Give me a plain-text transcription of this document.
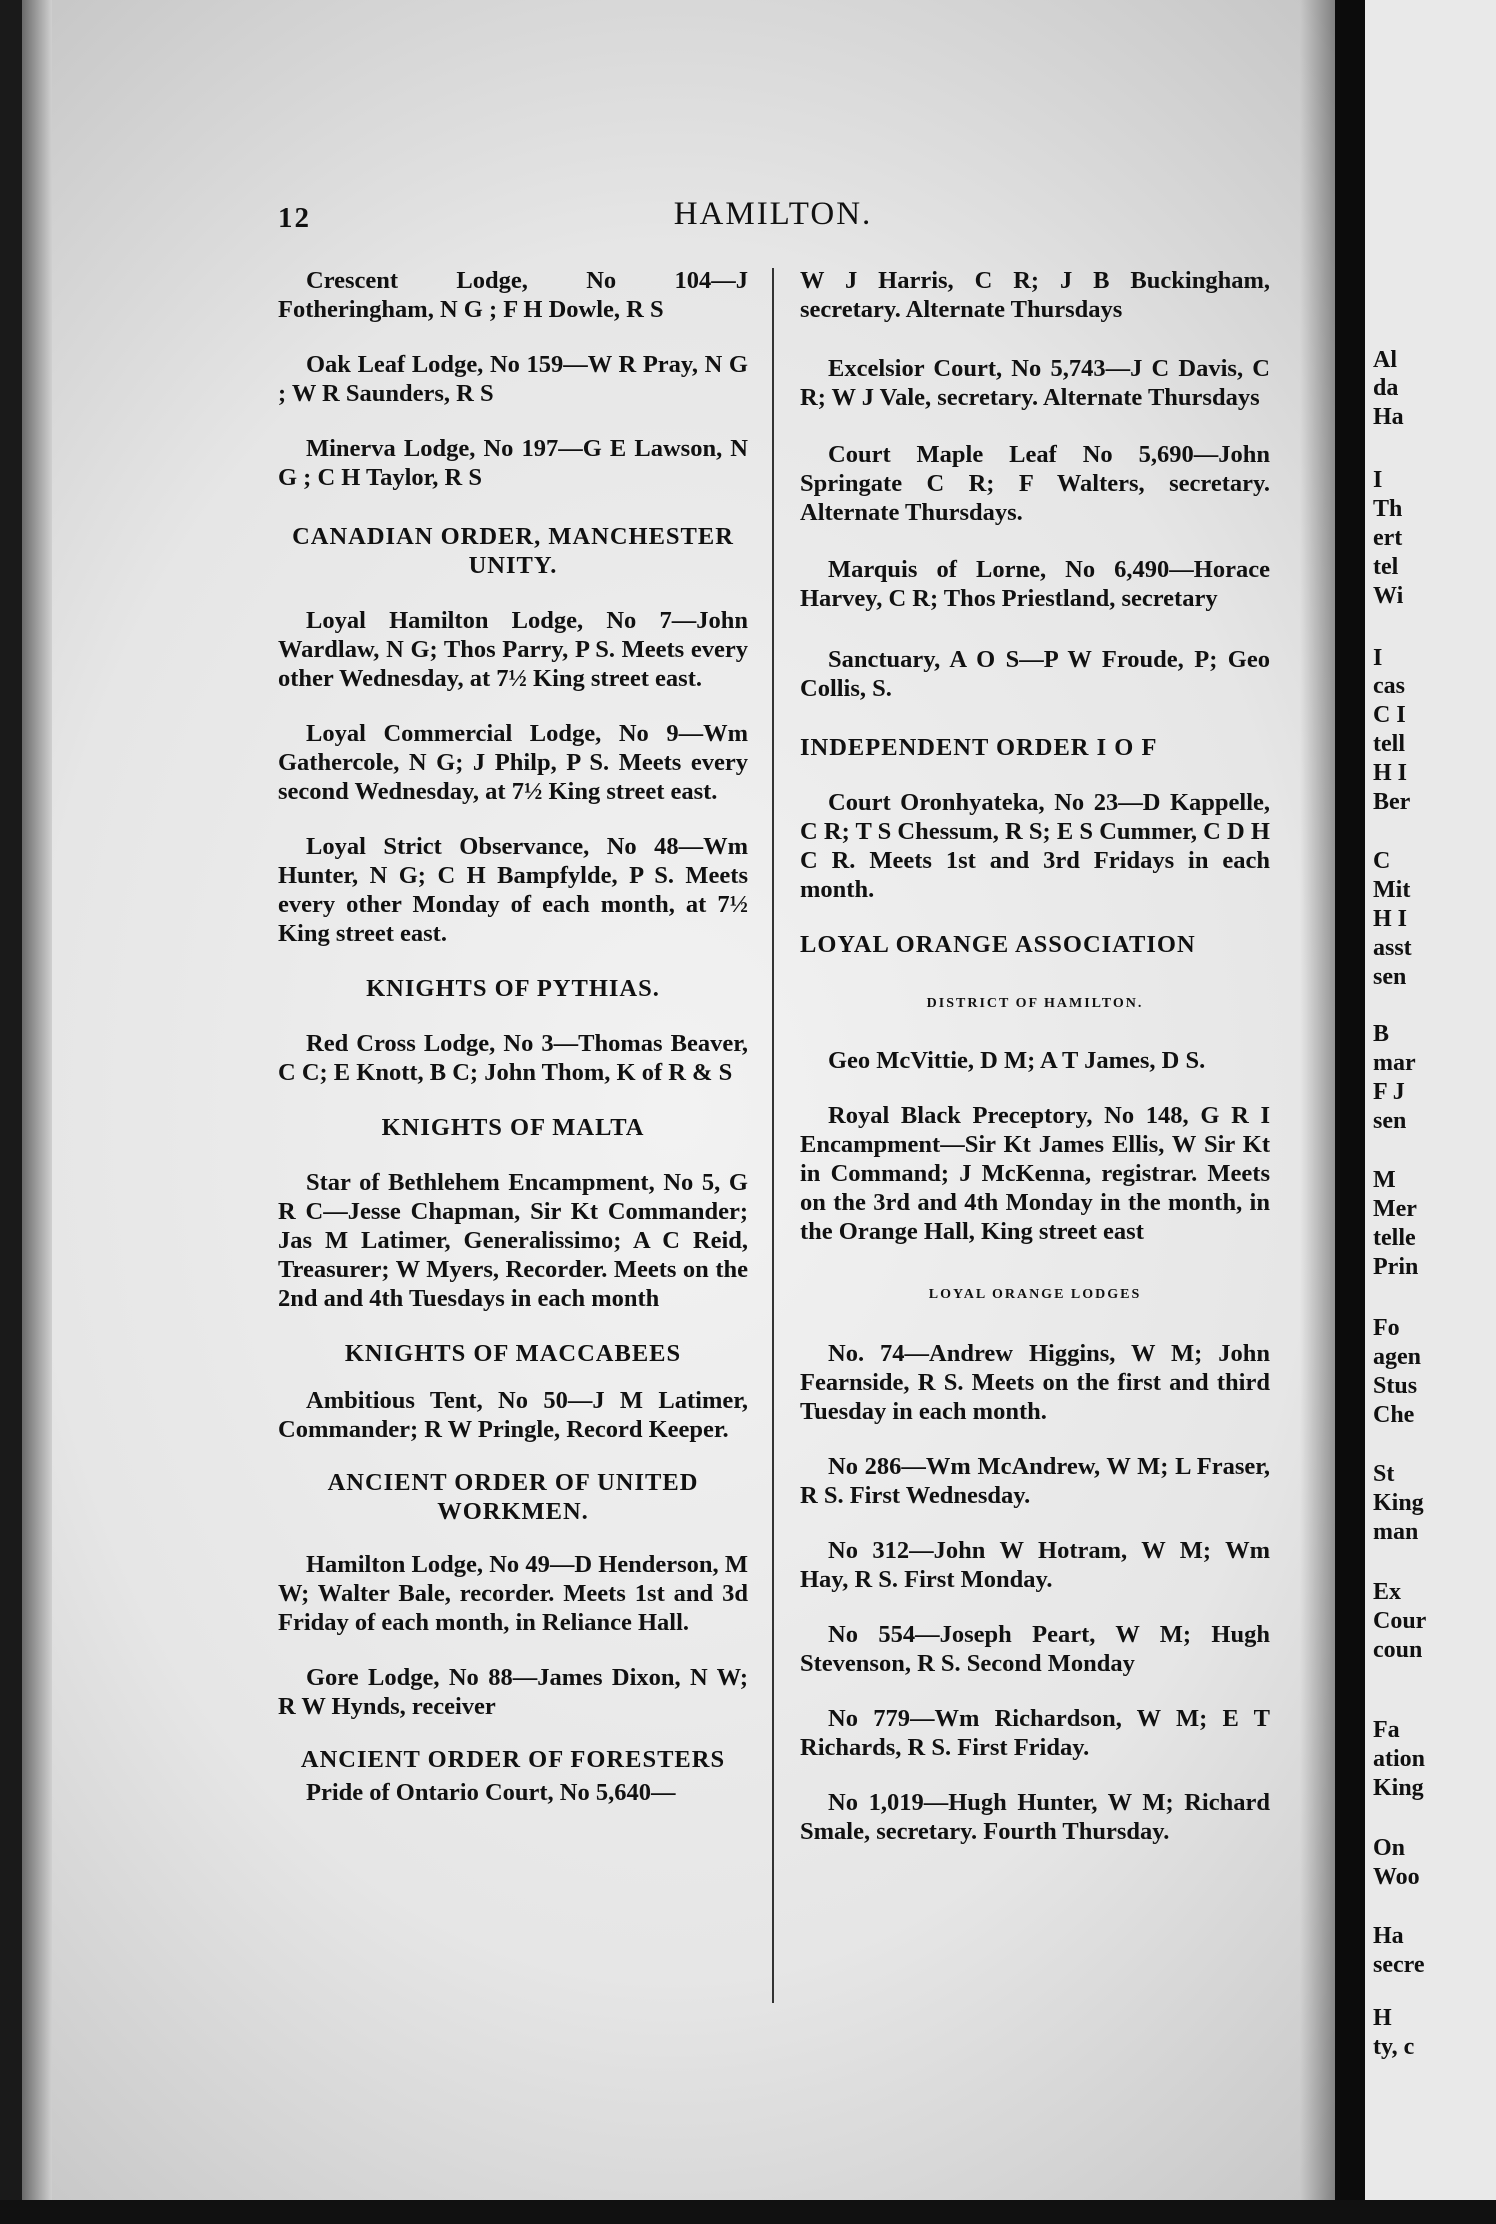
12	HAMILTON.

Crescent Lodge, No 104—J Fotheringham, N G ; F H Dowle, R S

Oak Leaf Lodge, No 159—W R Pray, N G ; W R Saunders, R S

Minerva Lodge, No 197—G E Lawson, N G ; C H Taylor, R S

CANADIAN ORDER, MANCHESTER UNITY.

Loyal Hamilton Lodge, No 7—John Wardlaw, N G; Thos Parry, P S. Meets every other Wednesday, at 7½ King street east.

Loyal Commercial Lodge, No 9—Wm Gathercole, N G; J Philp, P S. Meets every second Wednesday, at 7½ King street east.

Loyal Strict Observance, No 48—Wm Hunter, N G; C H Bampfylde, P S. Meets every other Monday of each month, at 7½ King street east.

KNIGHTS OF PYTHIAS.

Red Cross Lodge, No 3—Thomas Beaver, C C; E Knott, B C; John Thom, K of R & S

KNIGHTS OF MALTA

Star of Bethlehem Encampment, No 5, G R C—Jesse Chapman, Sir Kt Commander; Jas M Latimer, Generalissimo; A C Reid, Treasurer; W Myers, Recorder. Meets on the 2nd and 4th Tuesdays in each month

KNIGHTS OF MACCABEES

Ambitious Tent, No 50—J M Latimer, Commander; R W Pringle, Record Keeper.

ANCIENT ORDER OF UNITED WORKMEN.

Hamilton Lodge, No 49—D Henderson, M W; Walter Bale, recorder. Meets 1st and 3d Friday of each month, in Reliance Hall.

Gore Lodge, No 88—James Dixon, N W; R W Hynds, receiver

ANCIENT ORDER OF FORESTERS

Pride of Ontario Court, No 5,640—

W J Harris, C R; J B Buckingham, secretary. Alternate Thursdays

Excelsior Court, No 5,743—J C Davis, C R; W J Vale, secretary. Alternate Thursdays

Court Maple Leaf No 5,690—John Springate C R; F Walters, secretary. Alternate Thursdays.

Marquis of Lorne, No 6,490—Horace Harvey, C R; Thos Priestland, secretary

Sanctuary, A O S—P W Froude, P; Geo Collis, S.

INDEPENDENT ORDER I O F

Court Oronhyateka, No 23—D Kappelle, C R; T S Chessum, R S; E S Cummer, C D H C R. Meets 1st and 3rd Fridays in each month.

LOYAL ORANGE ASSOCIATION

DISTRICT OF HAMILTON.

Geo McVittie, D M; A T James, D S.

Royal Black Preceptory, No 148, G R I Encampment—Sir Kt James Ellis, W Sir Kt in Command; J McKenna, registrar. Meets on the 3rd and 4th Monday in the month, in the Orange Hall, King street east

LOYAL ORANGE LODGES

No. 74—Andrew Higgins, W M; John Fearnside, R S. Meets on the first and third Tuesday in each month.

No 286—Wm McAndrew, W M; L Fraser, R S. First Wednesday.

No 312—John W Hotram, W M; Wm Hay, R S. First Monday.

No 554—Joseph Peart, W M; Hugh Stevenson, R S. Second Monday

No 779—Wm Richardson, W M; E T Richards, R S. First Friday.

No 1,019—Hugh Hunter, W M; Richard Smale, secretary. Fourth Thursday.

Al
da
Ha
I
Th
ert
tel
Wi
I
cas
C I
tell
H I
Ber
C
Mit
H I
asst
sen
B
mar
F J
sen
M
Mer
telle
Prin
Fo
agen
Stus
Che
St
King
man
Ex
Cour
coun
Fa
ation
King
On
Woo
Ha
secre
H
ty, c
